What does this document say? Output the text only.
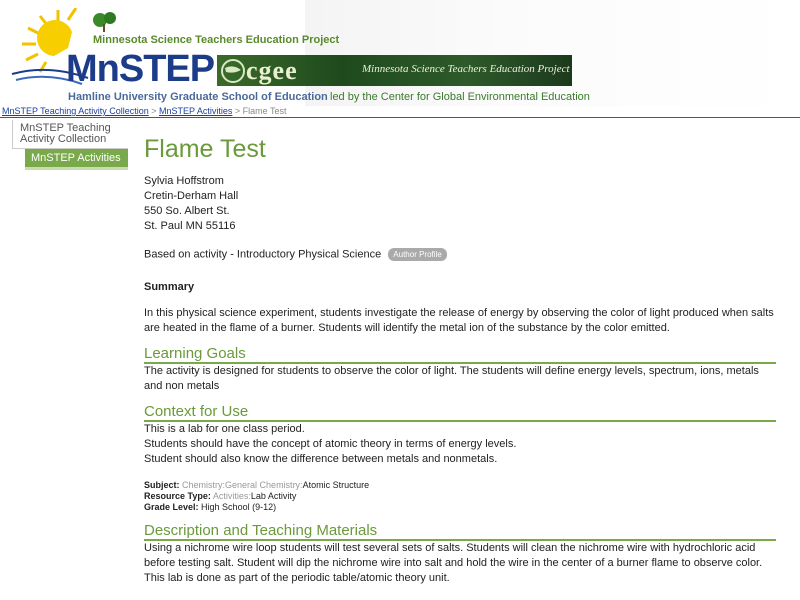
Minnesota Science Teachers Education Project
MnSTEP
Hamline University Graduate School of Education
cgee	Minnesota Science Teachers Education Project
led by the Center for Global Environmental Education
MnSTEP Teaching Activity Collection > MnSTEP Activities > Flame Test
MnSTEP Teaching Activity Collection
MnSTEP Activities Flame Test
Sylvia Hoffstrom
Cretin-Derham Hall
550 So. Albert St.
St. Paul MN 55116
Based on activity - Introductory Physical Science Author Profile
Summary

In this physical science experiment, students investigate the release of energy by observing the color of light produced when salts are heated in the flame of a burner. Students will identify the metal ion of the substance by the color emitted.

Learning Goals

The activity is designed for students to observe the color of light. The students will define energy levels, spectrum, ions, metals and non metals

Context for Use

This is a lab for one class period.

Students should have the concept of atomic theory in terms of energy levels.

Student should also know the difference between metals and nonmetals.

Subject: Chemistry:General Chemistry:Atomic Structure
Resource Type: Activities:Lab Activity
Grade Level: High School (9-12)
Description and Teaching Materials

Using a nichrome wire loop students will test several sets of salts. Students will clean the nichrome wire with hydrochloric acid before testing salt. Student will dip the nichrome wire into salt and hold the wire in the center of a burner flame to observe color. This lab is done as part of the periodic table/atomic theory unit.
